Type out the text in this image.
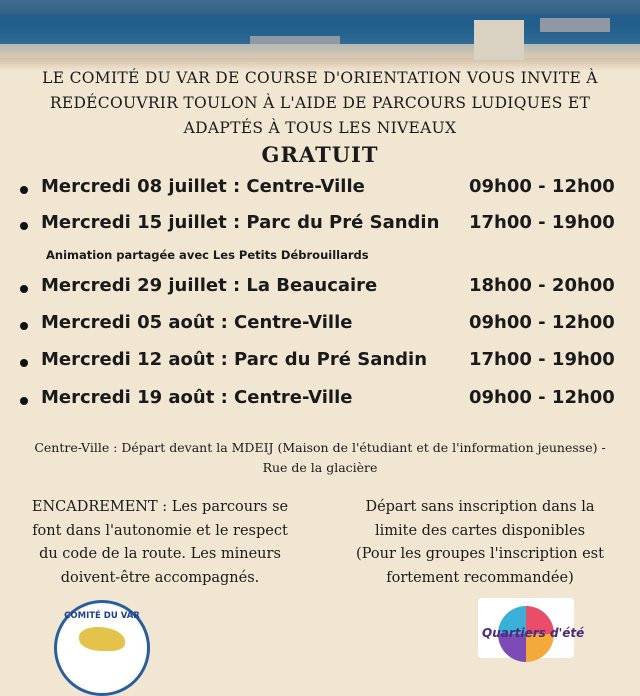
LE COMITÉ DU VAR DE COURSE D'ORIENTATION VOUS INVITE À
REDÉCOUVRIR TOULON À L'AIDE DE PARCOURS LUDIQUES ET
ADAPTÉS À TOUS LES NIVEAUX
GRATUIT
Mercredi 08 juillet : Centre-Ville	09h00 - 12h00
Mercredi 15 juillet : Parc du Pré Sandin 17h00 - 19h00
Mercredi 29 juillet : La Beaucaire	18h00 - 20h00
Mercredi 05 août : Centre-Ville	09h00 - 12h00
Mercredi 12 août : Parc du Pré Sandin 17h00 - 19h00
Mercredi 19 août : Centre-Ville	09h00 - 12h00
Animation partagée avec Les Petits Débrouillards
Centre-Ville : Départ devant la MDEIJ (Maison de l'étudiant et de l'information jeunesse) -
Rue de la glacière
ENCADREMENT : Les parcours se
font dans l'autonomie et le respect
du code de la route. Les mineurs
doivent-être accompagnés.
Départ sans inscription dans la
limite des cartes disponibles
(Pour les groupes l'inscription est
fortement recommandée)
COMITÉ DU VAR
Quartiers d'été
